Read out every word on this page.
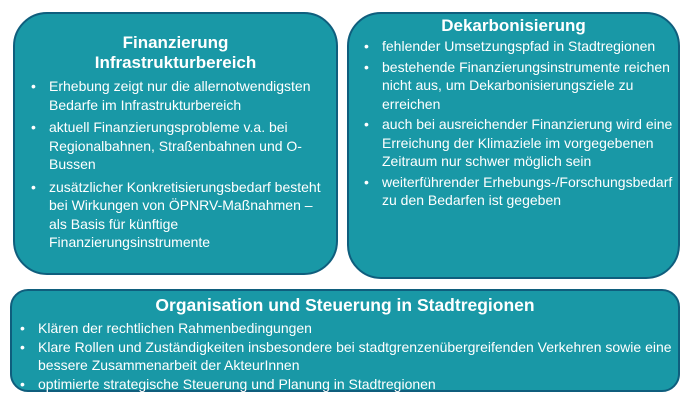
Finanzierung
Infrastrukturbereich
• Erhebung zeigt nur die allernotwendigsten Bedarfe im Infrastrukturbereich
• aktuell Finanzierungsprobleme v.a. bei Regionalbahnen, Straßenbahnen und O-Bussen
• zusätzlicher Konkretisierungsbedarf besteht bei Wirkungen von ÖPNRV-Maßnahmen – als Basis für künftige Finanzierungsinstrumente
Dekarbonisierung
• fehlender Umsetzungspfad in Stadtregionen
• bestehende Finanzierungsinstrumente reichen nicht aus, um Dekarbonisierungsziele zu erreichen
• auch bei ausreichender Finanzierung wird eine Erreichung der Klimaziele im vorgegebenen Zeitraum nur schwer möglich sein
• weiterführender Erhebungs-/Forschungsbedarf zu den Bedarfen ist gegeben
Organisation und Steuerung in Stadtregionen
• Klären der rechtlichen Rahmenbedingungen
• Klare Rollen und Zuständigkeiten insbesondere bei stadtgrenzenübergreifenden Verkehren sowie eine bessere Zusammenarbeit der AkteurInnen
• optimierte strategische Steuerung und Planung in Stadtregionen
